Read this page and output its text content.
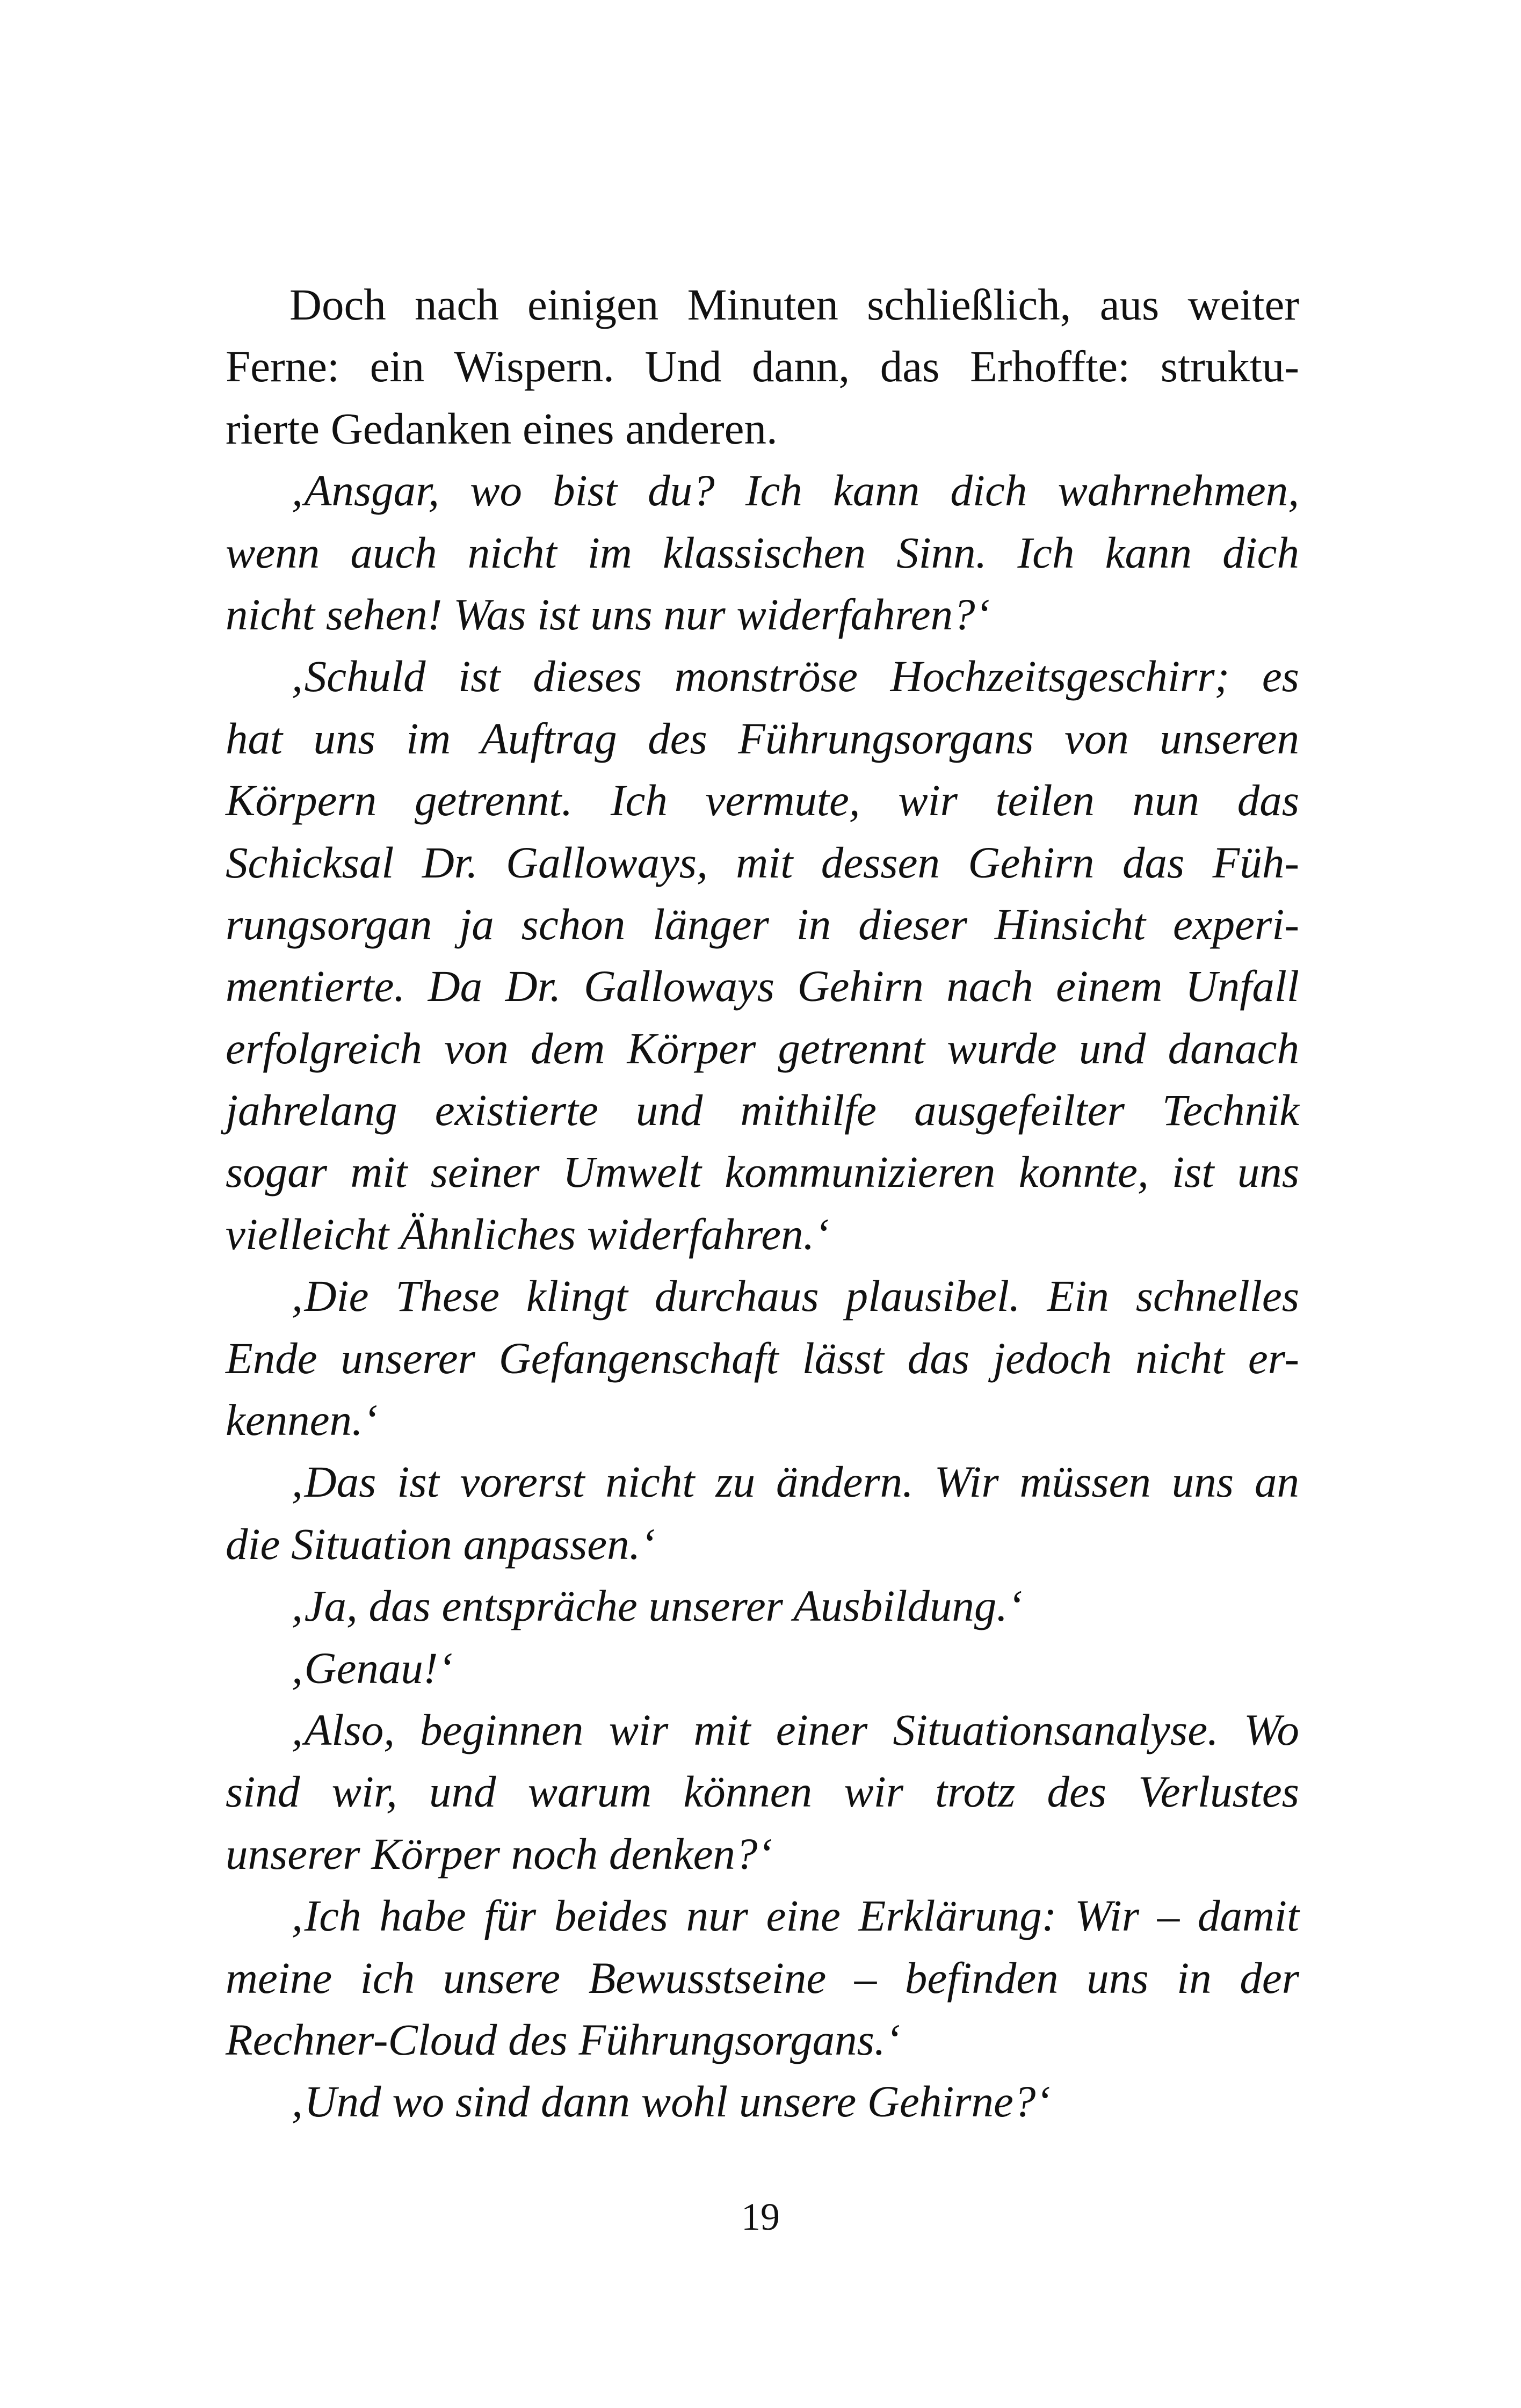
Doch nach einigen Minuten schließlich, aus weiter
Ferne: ein Wispern. Und dann, das Erhoffte: struktu-
rierte Gedanken eines anderen.
‚Ansgar, wo bist du? Ich kann dich wahrnehmen,
wenn auch nicht im klassischen Sinn. Ich kann dich
nicht sehen! Was ist uns nur widerfahren?‘
‚Schuld ist dieses monströse Hochzeitsgeschirr; es
hat uns im Auftrag des Führungsorgans von unseren
Körpern getrennt. Ich vermute, wir teilen nun das
Schicksal Dr. Galloways, mit dessen Gehirn das Füh-
rungsorgan ja schon länger in dieser Hinsicht experi-
mentierte. Da Dr. Galloways Gehirn nach einem Unfall
erfolgreich von dem Körper getrennt wurde und danach
jahrelang existierte und mithilfe ausgefeilter Technik
sogar mit seiner Umwelt kommunizieren konnte, ist uns
vielleicht Ähnliches widerfahren.‘
‚Die These klingt durchaus plausibel. Ein schnelles
Ende unserer Gefangenschaft lässt das jedoch nicht er-
kennen.‘
‚Das ist vorerst nicht zu ändern. Wir müssen uns an
die Situation anpassen.‘
‚Ja, das entspräche unserer Ausbildung.‘
‚Genau!‘
‚Also, beginnen wir mit einer Situationsanalyse. Wo
sind wir, und warum können wir trotz des Verlustes
unserer Körper noch denken?‘
‚Ich habe für beides nur eine Erklärung: Wir – damit
meine ich unsere Bewusstseine – befinden uns in der
Rechner-Cloud des Führungsorgans.‘
‚Und wo sind dann wohl unsere Gehirne?‘
19
